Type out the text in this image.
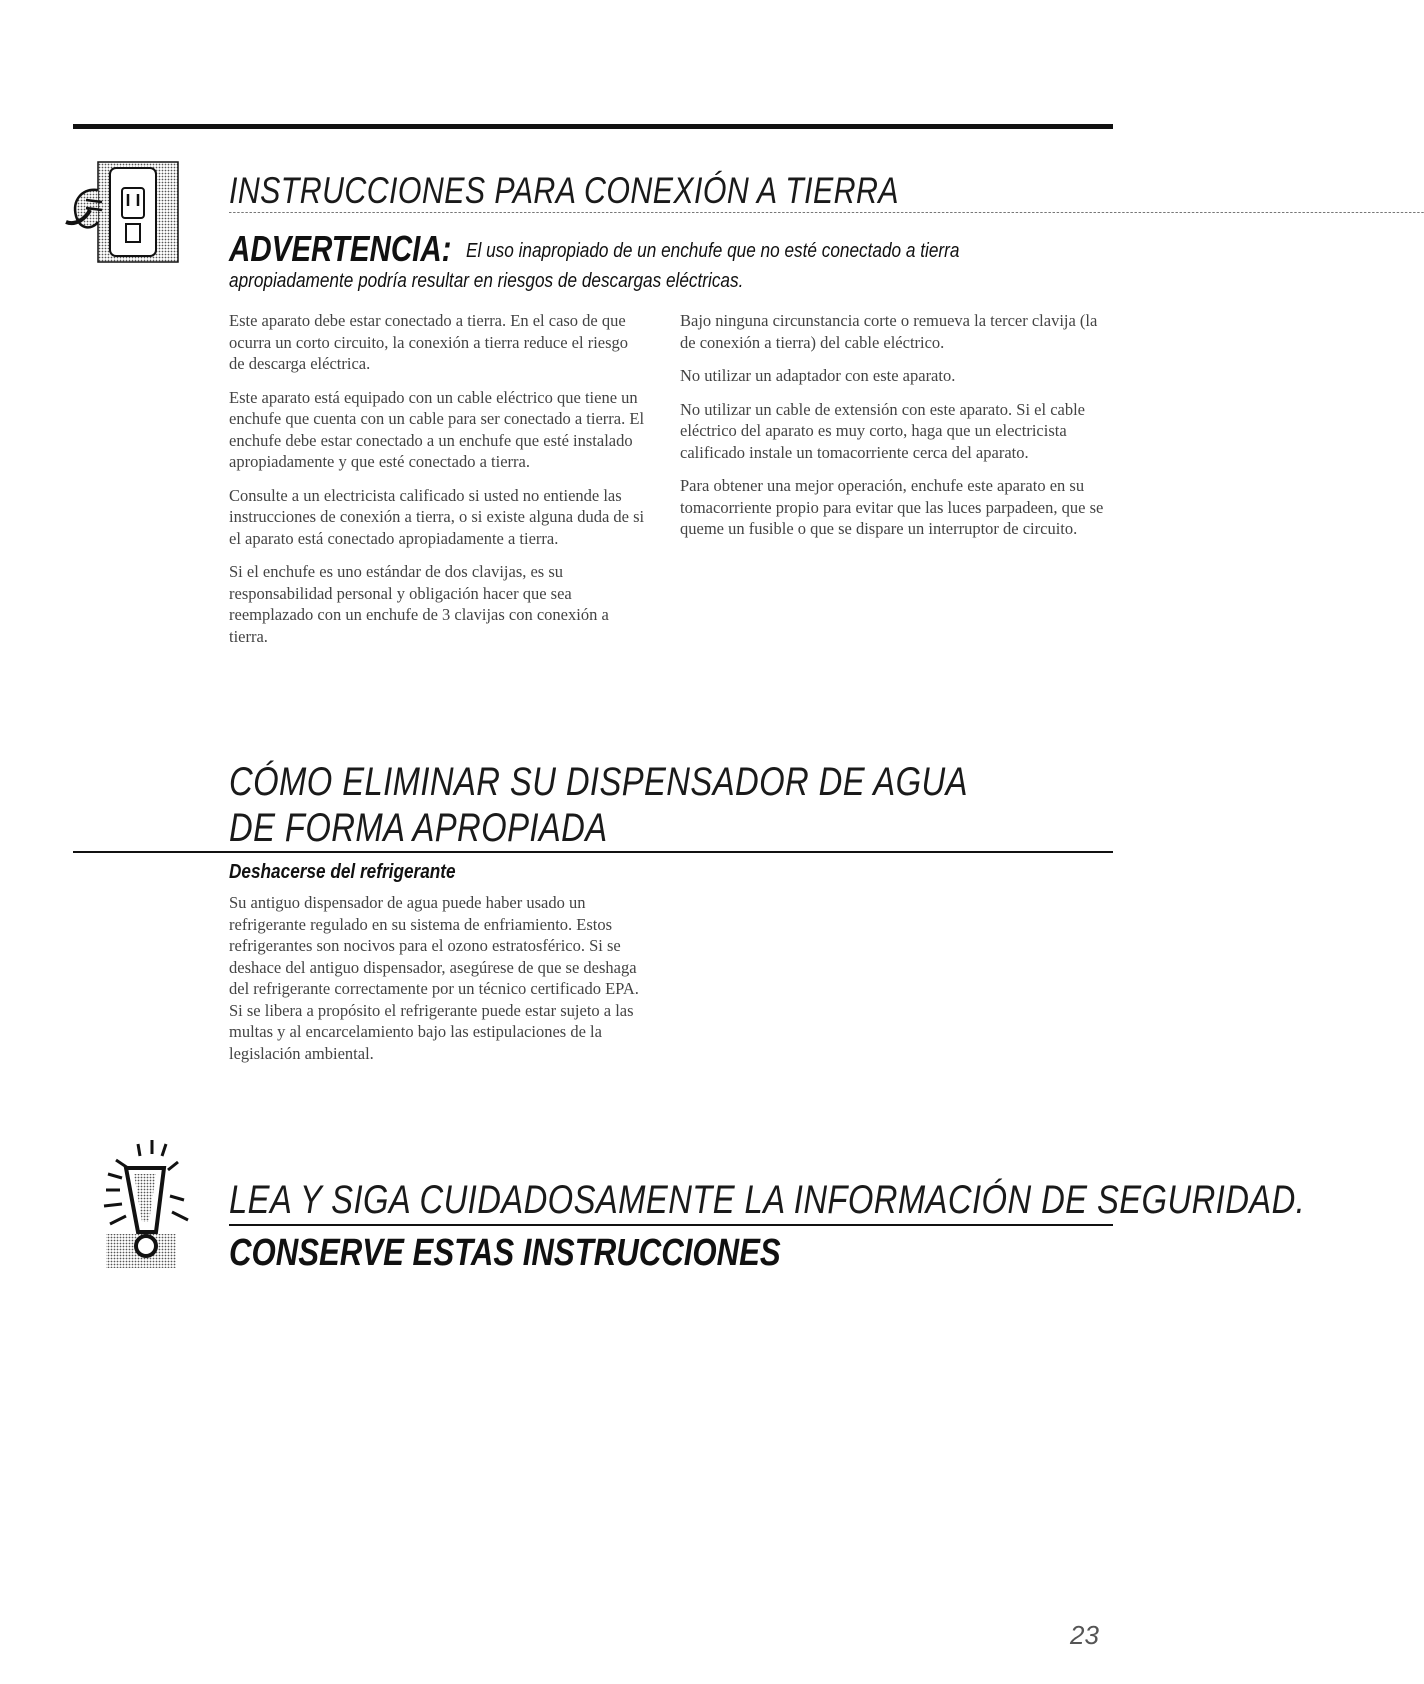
INSTRUCCIONES PARA CONEXIÓN A TIERRA
ADVERTENCIA: El uso inapropiado de un enchufe que no esté conectado a tierra
apropiadamente podría resultar en riesgos de descargas eléctricas.

Este aparato debe estar conectado a tierra. En el caso de que ocurra un corto circuito, la conexión a tierra reduce el riesgo de descarga eléctrica.

Este aparato está equipado con un cable eléctrico que tiene un enchufe que cuenta con un cable para ser conectado a tierra. El enchufe debe estar conectado a un enchufe que esté instalado apropiadamente y que esté conectado a tierra.

Consulte a un electricista calificado si usted no entiende las instrucciones de conexión a tierra, o si existe alguna duda de si el aparato está conectado apropiadamente a tierra.

Si el enchufe es uno estándar de dos clavijas, es su responsabilidad personal y obligación hacer que sea reemplazado con un enchufe de 3 clavijas con conexión a tierra.

Bajo ninguna circunstancia corte o remueva la tercer clavija (la de conexión a tierra) del cable eléctrico.

No utilizar un adaptador con este aparato.

No utilizar un cable de extensión con este aparato. Si el cable eléctrico del aparato es muy corto, haga que un electricista calificado instale un tomacorriente cerca del aparato.

Para obtener una mejor operación, enchufe este aparato en su tomacorriente propio para evitar que las luces parpadeen, que se queme un fusible o que se dispare un interruptor de circuito.

CÓMO ELIMINAR SU DISPENSADOR DE AGUA
DE FORMA APROPIADA
Deshacerse del refrigerante

Su antiguo dispensador de agua puede haber usado un refrigerante regulado en su sistema de enfriamiento. Estos refrigerantes son nocivos para el ozono estratosférico. Si se deshace del antiguo dispensador, asegúrese de que se deshaga del refrigerante correctamente por un técnico certificado EPA. Si se libera a propósito el refrigerante puede estar sujeto a las multas y al encarcelamiento bajo las estipulaciones de la legislación ambiental.

LEA Y SIGA CUIDADOSAMENTE LA INFORMACIÓN DE SEGURIDAD.
CONSERVE ESTAS INSTRUCCIONES
23
